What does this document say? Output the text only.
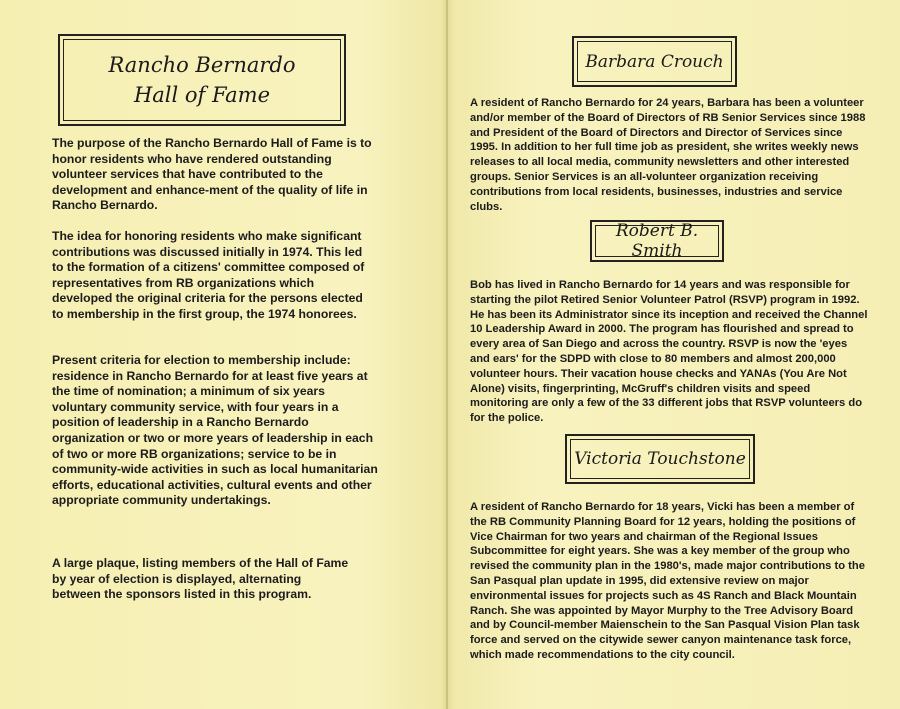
Rancho Bernardo
Hall of Fame

The purpose of the Rancho Bernardo Hall of Fame is to honor residents who have rendered outstanding volunteer services that have contributed to the development and enhance-ment of the quality of life in Rancho Bernardo.

The idea for honoring residents who make significant contributions was discussed initially in 1974. This led to the formation of a citizens' committee composed of representatives from RB organizations which developed the original criteria for the persons elected to membership in the first group, the 1974 honorees.

Present criteria for election to membership include: residence in Rancho Bernardo for at least five years at the time of nomination; a minimum of six years voluntary community service, with four years in a position of leadership in a Rancho Bernardo organization or two or more years of leadership in each of two or more RB organizations; service to be in community-wide activities in such as local humanitarian efforts, educational activities, cultural events and other appropriate community undertakings.

A large plaque, listing members of the Hall of Fame by year of election is displayed, alternating between the sponsors listed in this program.

Barbara Crouch

A resident of Rancho Bernardo for 24 years, Barbara has been a volunteer and/or member of the Board of Directors of RB Senior Services since 1988 and President of the Board of Directors and Director of Services since 1995. In addition to her full time job as president, she writes weekly news releases to all local media, community newsletters and other interested groups. Senior Services is an all-volunteer organization receiving contributions from local residents, businesses, industries and service clubs.

Robert B. Smith

Bob has lived in Rancho Bernardo for 14 years and was responsible for starting the pilot Retired Senior Volunteer Patrol (RSVP) program in 1992. He has been its Administrator since its inception and received the Channel 10 Leadership Award in 2000. The program has flourished and spread to every area of San Diego and across the country. RSVP is now the 'eyes and ears' for the SDPD with close to 80 members and almost 200,000 volunteer hours. Their vacation house checks and YANAs (You Are Not Alone) visits, fingerprinting, McGruff's children visits and speed monitoring are only a few of the 33 different jobs that RSVP volunteers do for the police.

Victoria Touchstone

A resident of Rancho Bernardo for 18 years, Vicki has been a member of the RB Community Planning Board for 12 years, holding the positions of Vice Chairman for two years and chairman of the Regional Issues Subcommittee for eight years. She was a key member of the group who revised the community plan in the 1980's, made major contributions to the San Pasqual plan update in 1995, did extensive review on major environmental issues for projects such as 4S Ranch and Black Mountain Ranch. She was appointed by Mayor Murphy to the Tree Advisory Board and by Council-member Maienschein to the San Pasqual Vision Plan task force and served on the citywide sewer canyon maintenance task force, which made recommendations to the city council.
